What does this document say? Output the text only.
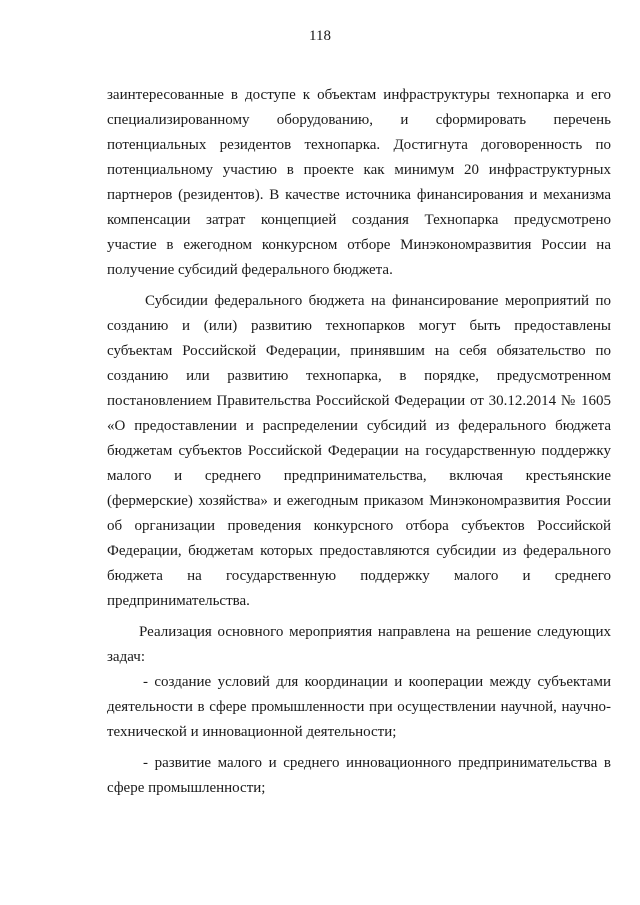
118
заинтересованные в доступе к объектам инфраструктуры технопарка и его
специализированному оборудованию, и сформировать перечень
потенциальных резидентов технопарка. Достигнута договоренность по
потенциальному участию в проекте как минимум 20 инфраструктурных
партнеров (резидентов). В качестве источника финансирования и механизма
компенсации затрат концепцией создания Технопарка предусмотрено
участие в ежегодном конкурсном отборе Минэкономразвития России на
получение субсидий федерального бюджета.
Субсидии федерального бюджета на финансирование мероприятий по
созданию и (или) развитию технопарков могут быть предоставлены
субъектам Российской Федерации, принявшим на себя обязательство по
созданию или развитию технопарка, в порядке, предусмотренном
постановлением Правительства Российской Федерации от 30.12.2014 № 1605
«О предоставлении и распределении субсидий из федерального бюджета
бюджетам субъектов Российской Федерации на государственную поддержку
малого и среднего предпринимательства, включая крестьянские
(фермерские) хозяйства» и ежегодным приказом Минэкономразвития России
об организации проведения конкурсного отбора субъектов Российской
Федерации, бюджетам которых предоставляются субсидии из федерального
бюджета на государственную поддержку малого и среднего
предпринимательства.
Реализация основного мероприятия направлена на решение следующих
задач:
- создание условий для координации и кооперации между субъектами
деятельности в сфере промышленности при осуществлении научной, научно-
технической и инновационной деятельности;
- развитие малого и среднего инновационного предпринимательства в
сфере промышленности;
